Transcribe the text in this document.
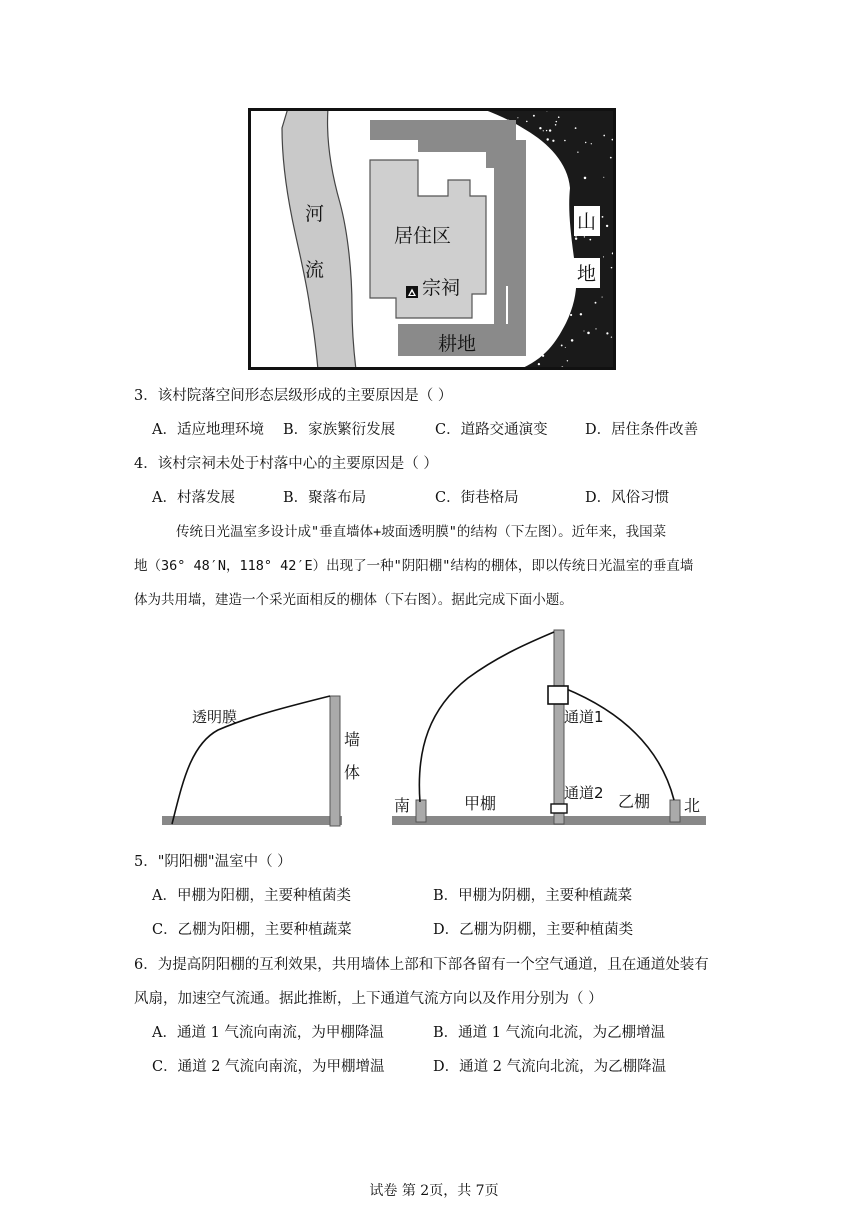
河
流
居住区
宗祠
耕地
山
地
3．该村院落空间形态层级形成的主要原因是（ ）
A．适应地理环境 B．家族繁衍发展	C．道路交通演变	D．居住条件改善
4．该村宗祠未处于村落中心的主要原因是（ ）
A．村落发展	B．聚落布局	C．街巷格局	D．风俗习惯
传统日光温室多设计成"垂直墙体+坡面透明膜"的结构（下左图）。近年来，我国菜
地（36° 48′N，118° 42′E）出现了一种"阴阳棚"结构的棚体，即以传统日光温室的垂直墙
体为共用墙，建造一个采光面相反的棚体（下右图）。据此完成下面小题。
透明膜
墙
体
通道1
通道2
南	北
甲棚	乙棚
5．"阴阳棚"温室中（ ）
A．甲棚为阳棚，主要种植菌类	B．甲棚为阴棚，主要种植蔬菜
C．乙棚为阳棚，主要种植蔬菜	D．乙棚为阴棚，主要种植菌类
6．为提高阴阳棚的互利效果，共用墙体上部和下部各留有一个空气通道，且在通道处装有
风扇，加速空气流通。据此推断，上下通道气流方向以及作用分别为（ ）
A．通道 1 气流向南流，为甲棚降温	B．通道 1 气流向北流，为乙棚增温
C．通道 2 气流向南流，为甲棚增温	D．通道 2 气流向北流，为乙棚降温
试卷 第 2页，共 7页
